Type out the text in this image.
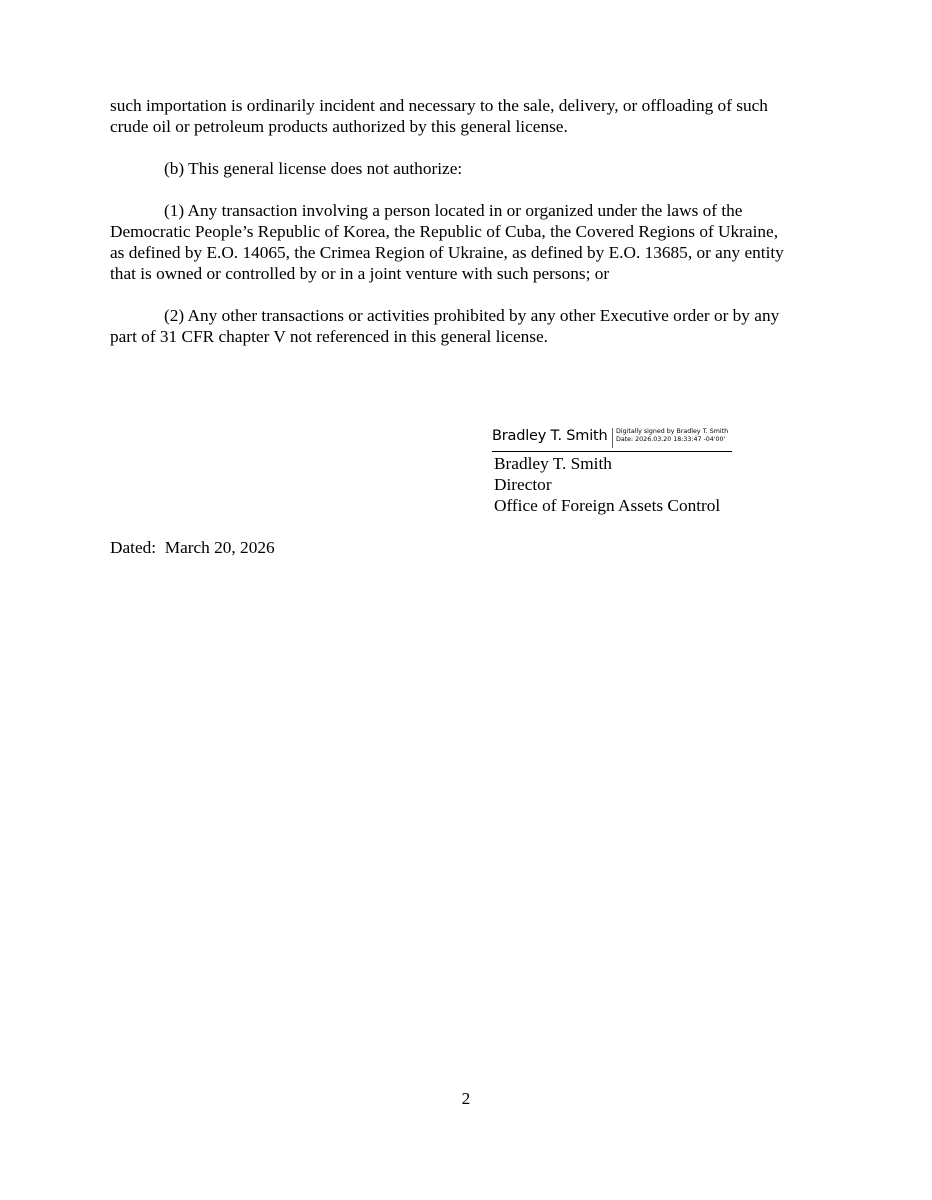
such importation is ordinarily incident and necessary to the sale, delivery, or offloading of such
crude oil or petroleum products authorized by this general license.

(b) This general license does not authorize:

(1) Any transaction involving a person located in or organized under the laws of the
Democratic People’s Republic of Korea, the Republic of Cuba, the Covered Regions of Ukraine,
as defined by E.O. 14065, the Crimea Region of Ukraine, as defined by E.O. 13685, or any entity
that is owned or controlled by or in a joint venture with such persons; or

(2) Any other transactions or activities prohibited by any other Executive order or by any
part of 31 CFR chapter V not referenced in this general license.

Bradley T. Smith Digitally signed by Bradley T. Smith
Date: 2026.03.20 18:33:47 -04'00'
Bradley T. Smith
Director
Office of Foreign Assets Control
Dated:  March 20, 2026
2
